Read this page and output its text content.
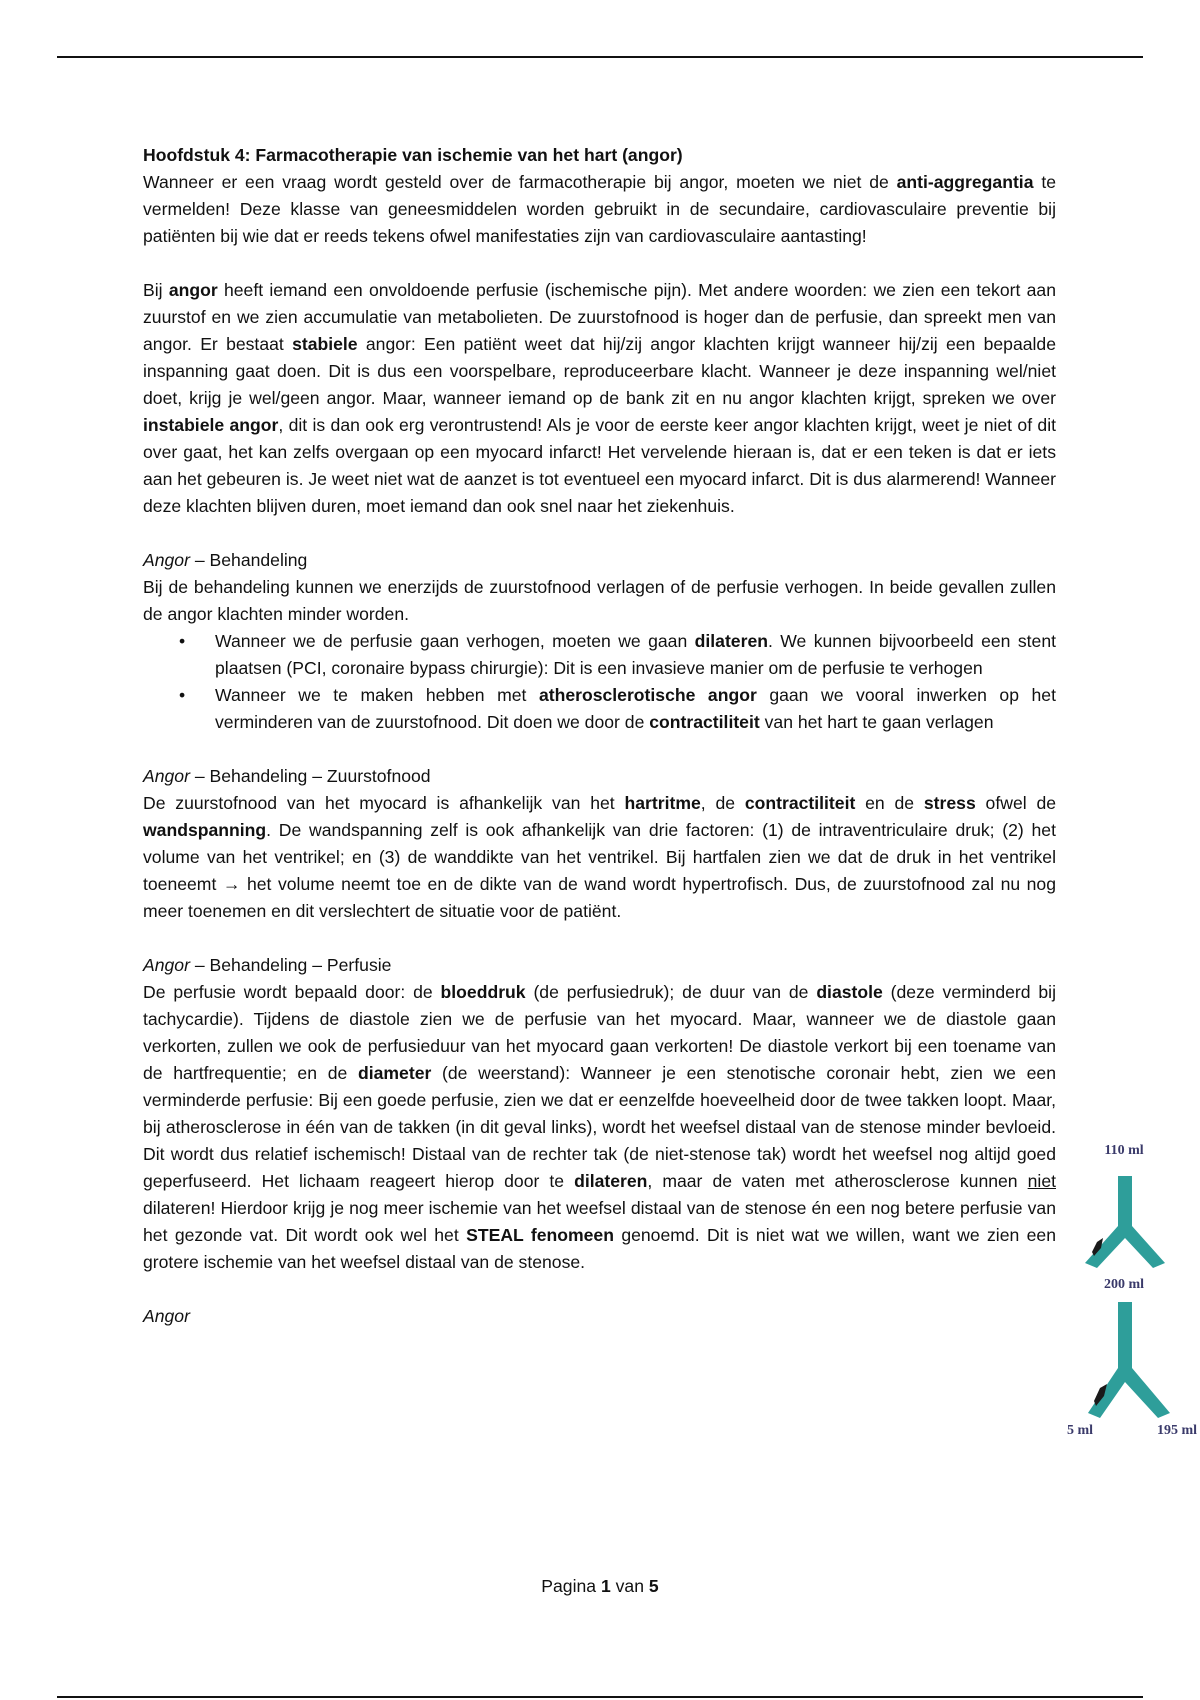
Hoofdstuk 4: Farmacotherapie van ischemie van het hart (angor)

Wanneer er een vraag wordt gesteld over de farmacotherapie bij angor, moeten we niet de anti-aggregantia te vermelden! Deze klasse van geneesmiddelen worden gebruikt in de secundaire, cardiovasculaire preventie bij patiënten bij wie dat er reeds tekens ofwel manifestaties zijn van cardiovasculaire aantasting!

Bij angor heeft iemand een onvoldoende perfusie (ischemische pijn). Met andere woorden: we zien een tekort aan zuurstof en we zien accumulatie van metabolieten. De zuurstofnood is hoger dan de perfusie, dan spreekt men van angor. Er bestaat stabiele angor: Een patiënt weet dat hij/zij angor klachten krijgt wanneer hij/zij een bepaalde inspanning gaat doen. Dit is dus een voorspelbare, reproduceerbare klacht. Wanneer je deze inspanning wel/niet doet, krijg je wel/geen angor. Maar, wanneer iemand op de bank zit en nu angor klachten krijgt, spreken we over instabiele angor, dit is dan ook erg verontrustend! Als je voor de eerste keer angor klachten krijgt, weet je niet of dit over gaat, het kan zelfs overgaan op een myocard infarct! Het vervelende hieraan is, dat er een teken is dat er iets aan het gebeuren is. Je weet niet wat de aanzet is tot eventueel een myocard infarct. Dit is dus alarmerend! Wanneer deze klachten blijven duren, moet iemand dan ook snel naar het ziekenhuis.

Angor – Behandeling

Bij de behandeling kunnen we enerzijds de zuurstofnood verlagen of de perfusie verhogen. In beide gevallen zullen de angor klachten minder worden.

• Wanneer we de perfusie gaan verhogen, moeten we gaan dilateren. We kunnen bijvoorbeeld een stent plaatsen (PCI, coronaire bypass chirurgie): Dit is een invasieve manier om de perfusie te verhogen
• Wanneer we te maken hebben met atherosclerotische angor gaan we vooral inwerken op het verminderen van de zuurstofnood. Dit doen we door de contractiliteit van het hart te gaan verlagen

Angor – Behandeling – Zuurstofnood

De zuurstofnood van het myocard is afhankelijk van het hartritme, de contractiliteit en de stress ofwel de wandspanning. De wandspanning zelf is ook afhankelijk van drie factoren: (1) de intraventriculaire druk; (2) het volume van het ventrikel; en (3) de wanddikte van het ventrikel. Bij hartfalen zien we dat de druk in het ventrikel toeneemt → het volume neemt toe en de dikte van de wand wordt hypertrofisch. Dus, de zuurstofnood zal nu nog meer toenemen en dit verslechtert de situatie voor de patiënt.

Angor – Behandeling – Perfusie

De perfusie wordt bepaald door: de bloeddruk (de perfusiedruk); de duur van de diastole (deze verminderd bij tachycardie). Tijdens de diastole zien we de perfusie van het myocard. Maar, wanneer we de diastole gaan verkorten, zullen we ook de perfusieduur van het myocard gaan verkorten! De diastole verkort bij een toename van de hartfrequentie; en de diameter (de weerstand): Wanneer je een stenotische coronair hebt, zien we een verminderde perfusie: Bij een goede perfusie, zien we dat er eenzelfde hoeveelheid door de twee takken loopt. Maar, bij atherosclerose in één van de takken (in dit geval links), wordt het weefsel distaal van de stenose minder bevloeid. Dit wordt dus relatief ischemisch! Distaal van de rechter tak (de niet-stenose tak) wordt het weefsel nog altijd goed geperfuseerd. Het lichaam reageert hierop door te dilateren, maar de vaten met atherosclerose kunnen niet dilateren! Hierdoor krijg je nog meer ischemie van het weefsel distaal van de stenose én een nog betere perfusie van het gezonde vat. Dit wordt ook wel het STEAL fenomeen genoemd. Dit is niet wat we willen, want we zien een grotere ischemie van het weefsel distaal van de stenose.

Angor

110 ml
200 ml
5 ml	195 ml
Pagina 1 van 5
